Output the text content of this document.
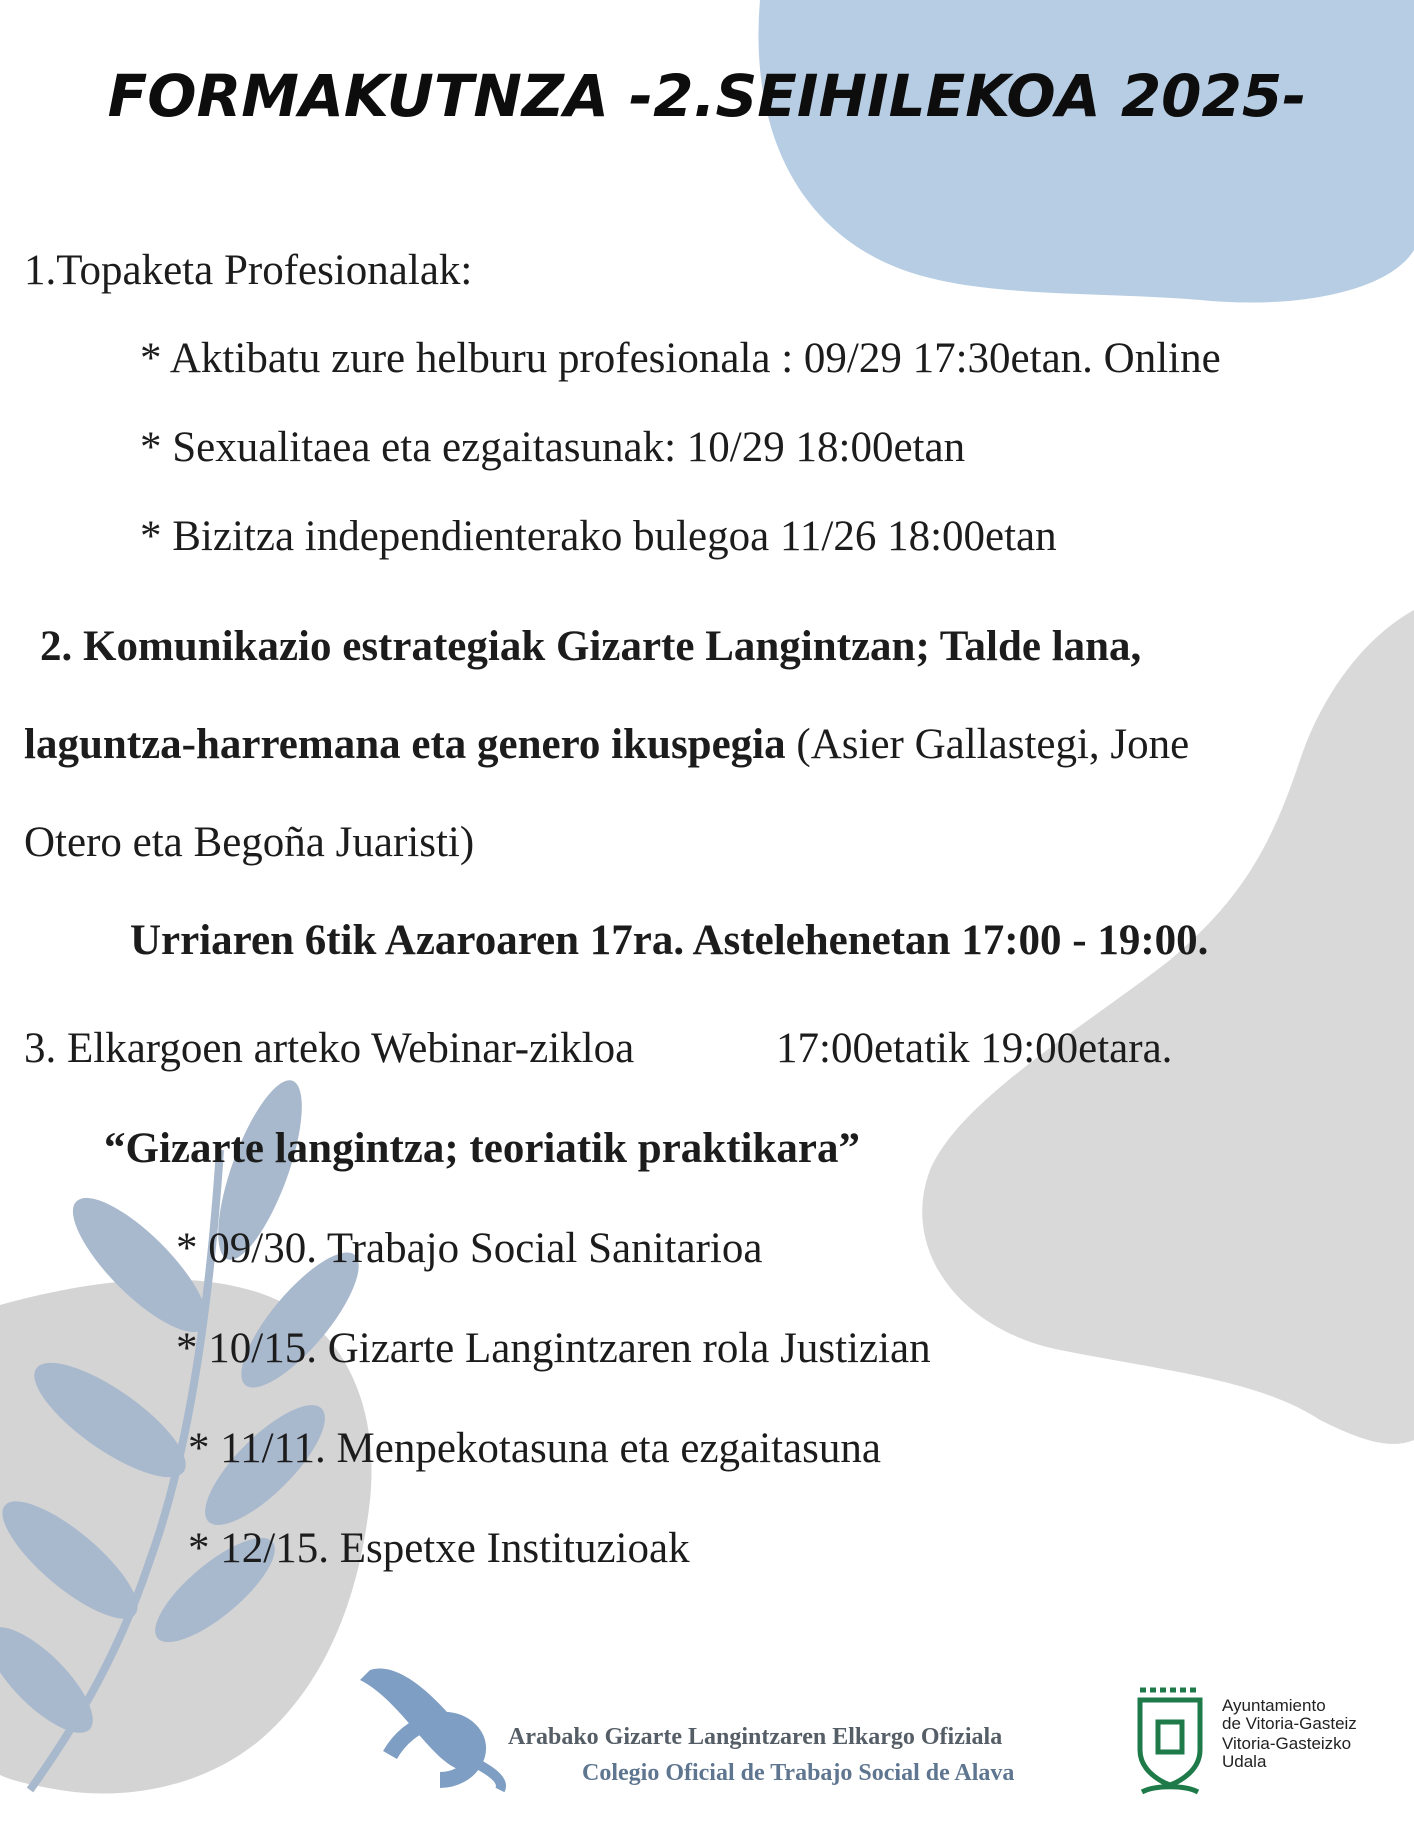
FORMAKUTNZA -2.SEIHILEKOA 2025-
1.Topaketa Profesionalak:
* Aktibatu zure helburu profesionala : 09/29 17:30etan. Online
* Sexualitaea eta ezgaitasunak: 10/29 18:00etan
* Bizitza independienterako bulegoa 11/26 18:00etan
2. Komunikazio estrategiak Gizarte Langintzan; Talde lana,
laguntza-harremana eta genero ikuspegia (Asier Gallastegi, Jone
Otero eta Begoña Juaristi)
Urriaren 6tik Azaroaren 17ra. Astelehenetan 17:00 - 19:00.
3. Elkargoen arteko Webinar-zikloa	17:00etatik 19:00etara.
“Gizarte langintza; teoriatik praktikara”
* 09/30. Trabajo Social Sanitarioa
* 10/15. Gizarte Langintzaren rola Justizian
* 11/11. Menpekotasuna eta ezgaitasuna
* 12/15. Espetxe Instituzioak
Arabako Gizarte Langintzaren Elkargo Ofiziala
Colegio Oficial de Trabajo Social de Alava
Ayuntamiento
de Vitoria-Gasteiz
Vitoria-Gasteizko
Udala
